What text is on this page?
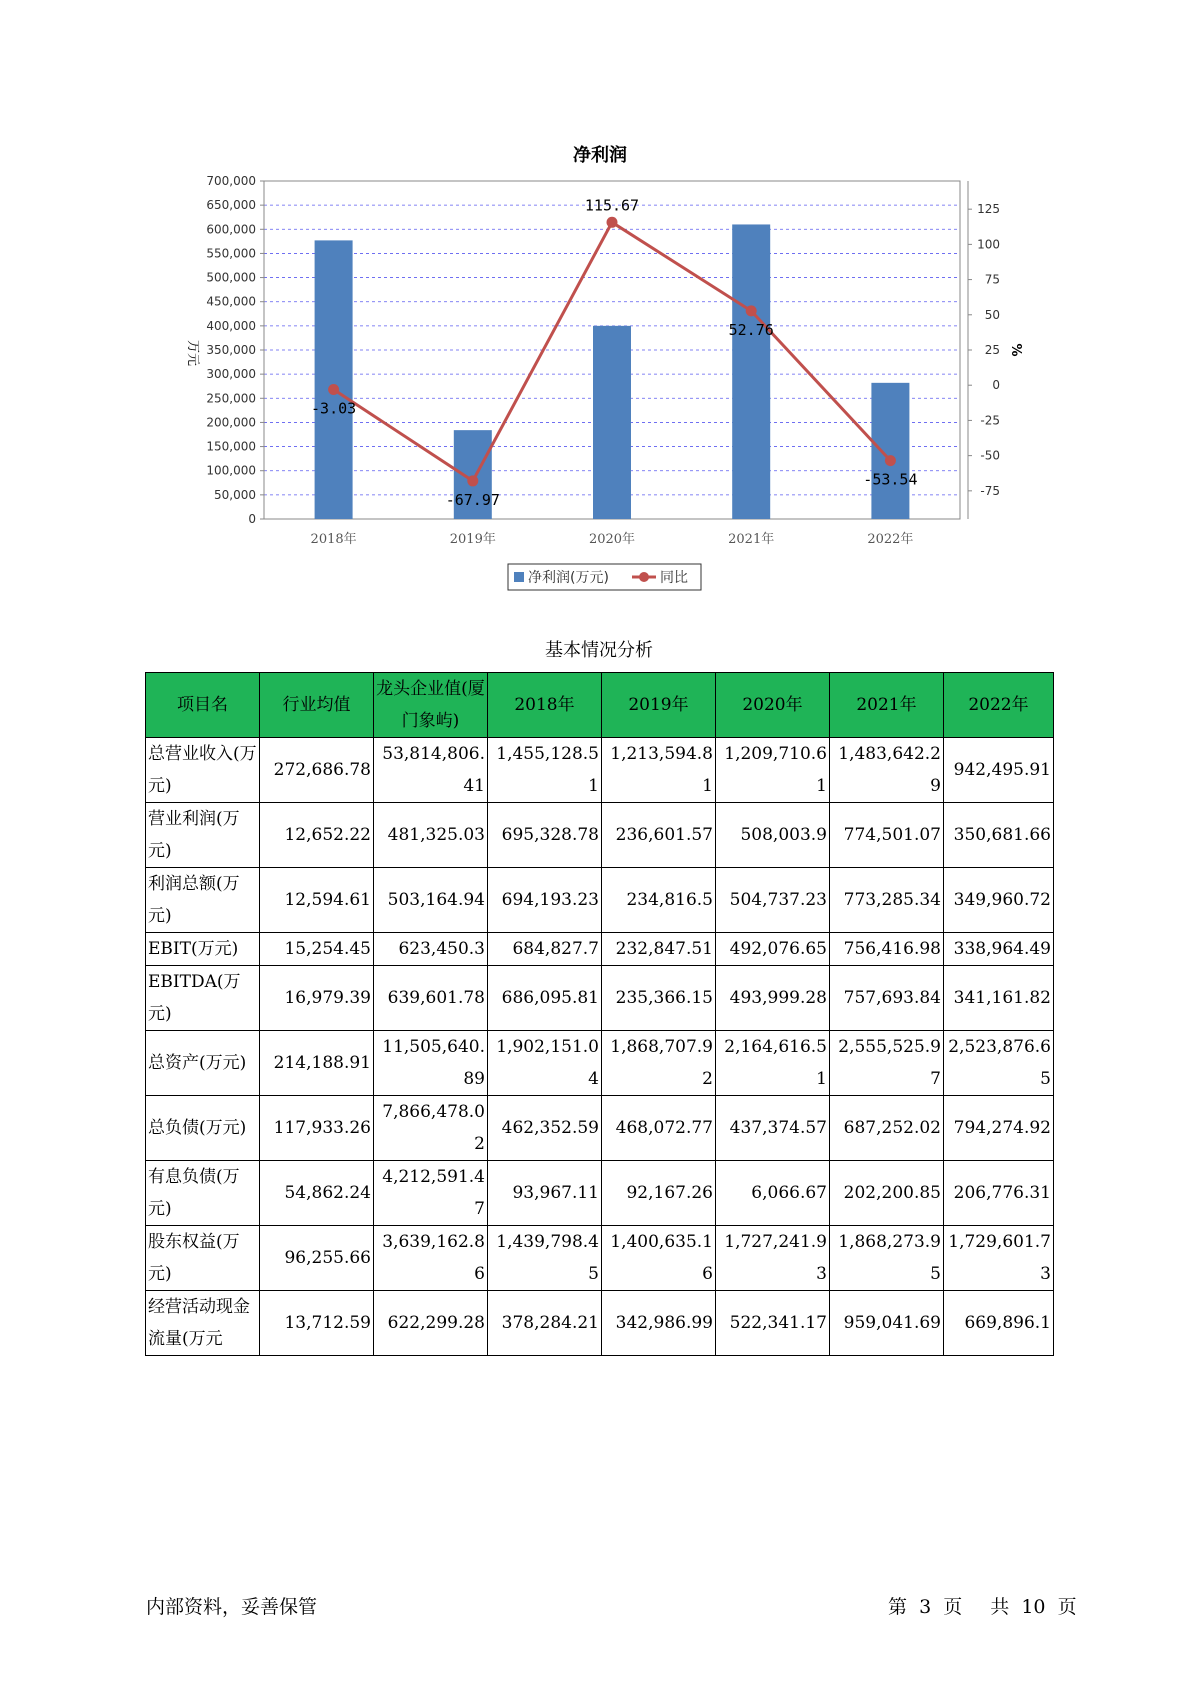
净利润
0
50,000
100,000
150,000
200,000
250,000
300,000
350,000
400,000
450,000
500,000
550,000
600,000
650,000
700,000
-75
-50
-25
0
25
50
75
100
125
2018年	2019年	2020年	2021年	2022年
万元	%
-3.03
-67.97
115.67
52.76
-53.54
净利润(万元)	同比
基本情况分析
项目名	行业均值	龙头企业值(厦门象屿)	2018年	2019年	2020年	2021年	2022年
总营业收入(万元)	272,686.78	53,814,806.41	1,455,128.51	1,213,594.81	1,209,710.61	1,483,642.29	942,495.91
营业利润(万元)	12,652.22	481,325.03	695,328.78	236,601.57	508,003.9	774,501.07	350,681.66
利润总额(万元)	12,594.61	503,164.94	694,193.23	234,816.5	504,737.23	773,285.34	349,960.72
EBIT(万元)	15,254.45	623,450.3	684,827.7	232,847.51	492,076.65	756,416.98	338,964.49
EBITDA(万元)	16,979.39	639,601.78	686,095.81	235,366.15	493,999.28	757,693.84	341,161.82
总资产(万元)	214,188.91	11,505,640.89	1,902,151.04	1,868,707.92	2,164,616.51	2,555,525.97	2,523,876.65
总负债(万元)	117,933.26	7,866,478.02	462,352.59	468,072.77	437,374.57	687,252.02	794,274.92
有息负债(万元)	54,862.24	4,212,591.47	93,967.11	92,167.26	6,066.67	202,200.85	206,776.31
股东权益(万元)	96,255.66	3,639,162.86	1,439,798.45	1,400,635.16	1,727,241.93	1,868,273.95	1,729,601.73
经营活动现金流量(万元	13,712.59	622,299.28	378,284.21	342,986.99	522,341.17	959,041.69	669,896.1
内部资料，妥善保管	第 3 页 共 10 页
